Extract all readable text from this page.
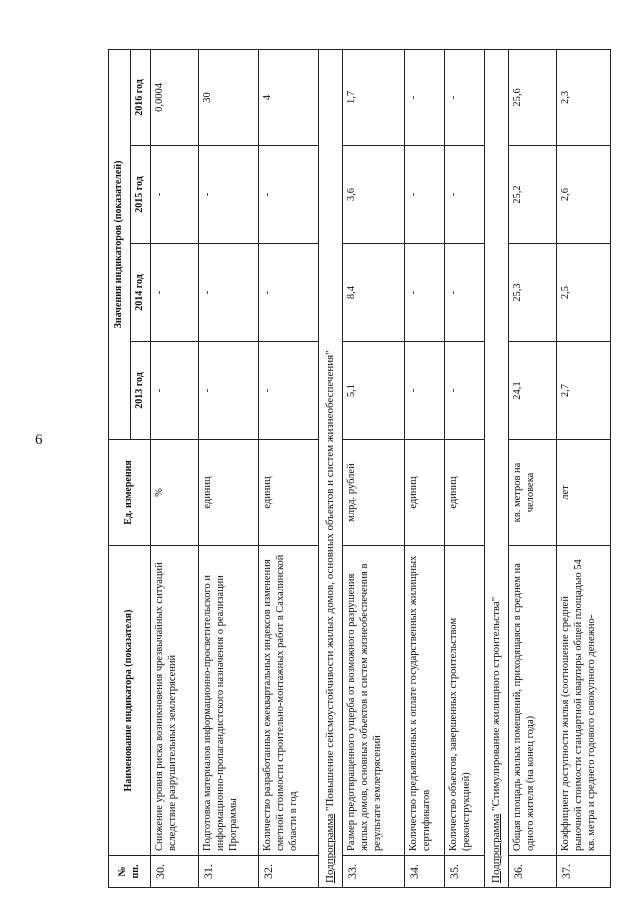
6
№ пп.	Наименование индикатора (показателя)	Ед. измерения	Значения индикаторов (показателей)			
			2013 год	2014 год	2015 год	2016 год
30.	Снижение уровня риска возникновения чрезвычайных ситуаций вследствие разрушительных землетрясений	%	-	-	-	0,0004
31.	Подготовка материалов информационно-просветительского и информационно-пропагандистского назначения о реализации Программы	единиц	-	-	-	30
32.	Количество разработанных ежеквартальных индексов изменения сметной стоимости строительно-монтажных работ в Сахалинской области в год	единиц	-	-	-	4
Подпрограмма "Повышение сейсмоустойчивости жилых домов, основных объектов и систем жизнеобеспечения"						
33.	Размер предотвращенного ущерба от возможного разрушения жилых домов, основных объектов и систем жизнеобеспечения в результате землетрясений	млрд. рублей	5,1	8,4	3,6	1,7
34.	Количество предъявленных к оплате государственных жилищных сертификатов	единиц	-	-	-	-
35.	Количество объектов, завершенных строительством (реконструкцией)	единиц	-	-	-	-
Подпрограмма "Стимулирование жилищного строительства"						
36.	Общая площадь жилых помещений, приходящаяся в среднем на одного жителя (на конец года)	кв. метров на человека	24,1	25,3	25,2	25,6
37.	Коэффициент доступности жилья (соотношение средней рыночной стоимости стандартной квартиры общей площадью 54 кв. метра и среднего годового совокупного денежно-	лет	2,7	2,5	2,6	2,3
